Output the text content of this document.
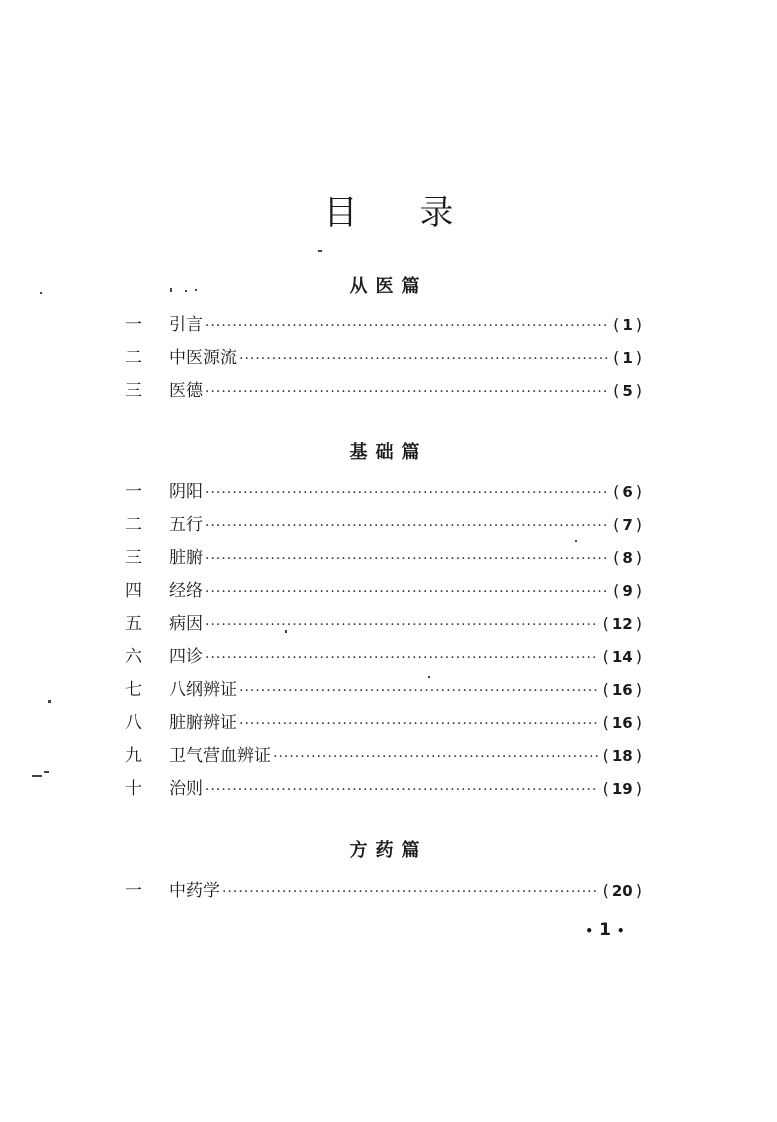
目 录
从医篇
一	引言 ·····	( 1 )
二	中医源流 ·····	( 1 )
三	医德 ·····	( 5 )
基础篇
一	阴阳 ·····	( 6 )
二	五行 ·····	( 7 )
三	脏腑 ·····	( 8 )
四	经络 ·····	( 9 )
五	病因 ·····	( 12 )
六	四诊 ·····	( 14 )
七	八纲辨证 ·····	( 16 )
八	脏腑辨证 ·····	( 16 )
九	卫气营血辨证 ·····	( 18 )
十	治则 ·····	( 19 )
方药篇
一	中药学 ·····	( 20 )
• 1 •
